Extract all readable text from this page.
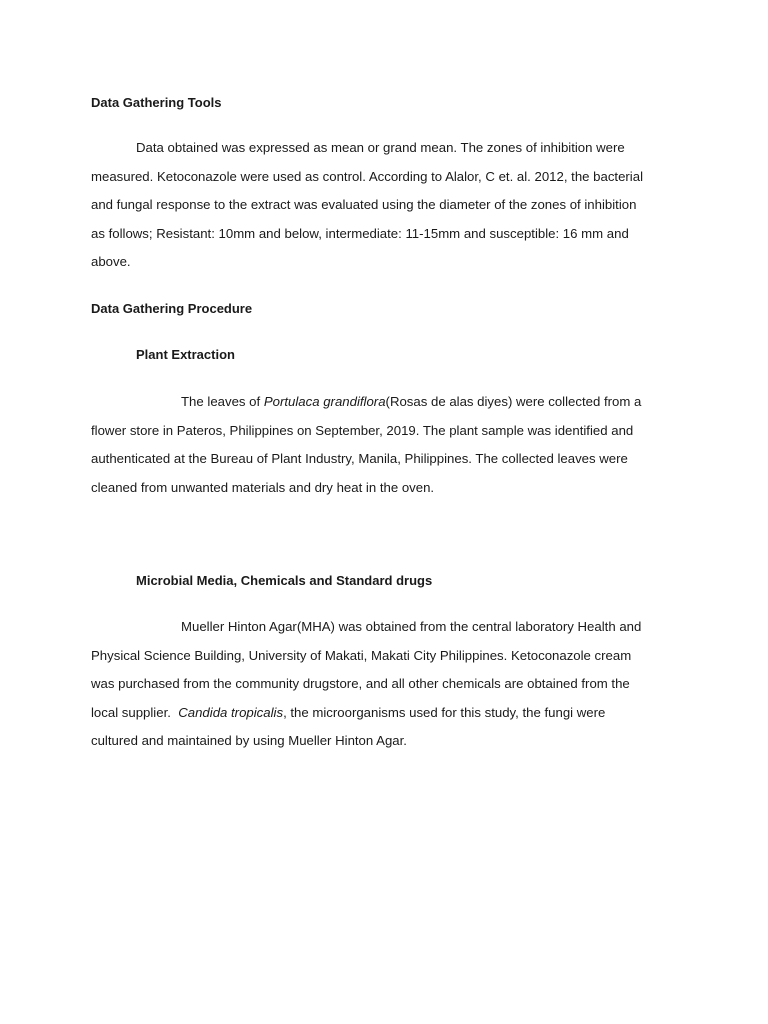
Data Gathering Tools
Data obtained was expressed as mean or grand mean. The zones of inhibition were
measured. Ketoconazole were used as control. According to Alalor, C et. al. 2012, the bacterial
and fungal response to the extract was evaluated using the diameter of the zones of inhibition
as follows; Resistant: 10mm and below, intermediate: 11-15mm and susceptible: 16 mm and
above.
Data Gathering Procedure
Plant Extraction
The leaves of Portulaca grandiflora(Rosas de alas diyes) were collected from a
flower store in Pateros, Philippines on September, 2019. The plant sample was identified and
authenticated at the Bureau of Plant Industry, Manila, Philippines. The collected leaves were
cleaned from unwanted materials and dry heat in the oven.
Microbial Media, Chemicals and Standard drugs
Mueller Hinton Agar(MHA) was obtained from the central laboratory Health and
Physical Science Building, University of Makati, Makati City Philippines. Ketoconazole cream
was purchased from the community drugstore, and all other chemicals are obtained from the
local supplier.  Candida tropicalis, the microorganisms used for this study, the fungi were
cultured and maintained by using Mueller Hinton Agar.
